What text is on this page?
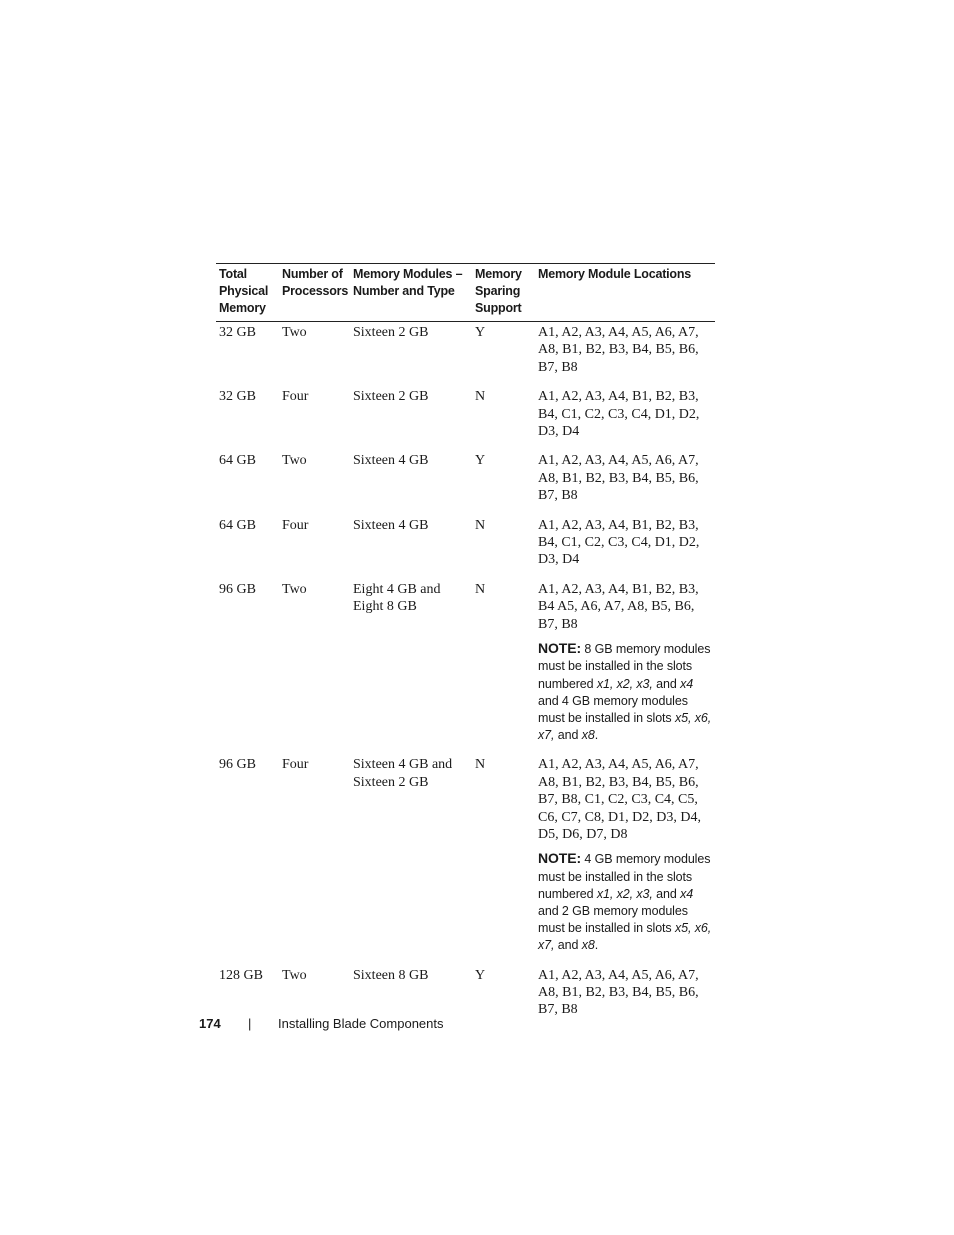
Total Physical Memory	Number of Processors	Memory Modules – Number and Type	Memory Sparing Support	Memory Module Locations

32 GB	Two	Sixteen 2 GB	Y	A1, A2, A3, A4, A5, A6, A7, A8, B1, B2, B3, B4, B5, B6, B7, B8

32 GB	Four	Sixteen 2 GB	N	A1, A2, A3, A4, B1, B2, B3, B4, C1, C2, C3, C4, D1, D2, D3, D4

64 GB	Two	Sixteen 4 GB	Y	A1, A2, A3, A4, A5, A6, A7, A8, B1, B2, B3, B4, B5, B6, B7, B8

64 GB	Four	Sixteen 4 GB	N	A1, A2, A3, A4, B1, B2, B3, B4, C1, C2, C3, C4, D1, D2, D3, D4

96 GB	Two	Eight 4 GB and Eight 8 GB	N	A1, A2, A3, A4, B1, B2, B3, B4 A5, A6, A7, A8, B5, B6, B7, B8
NOTE: 8 GB memory modules must be installed in the slots numbered x1, x2, x3, and x4 and 4 GB memory modules must be installed in slots x5, x6, x7, and x8.

96 GB	Four	Sixteen 4 GB and Sixteen 2 GB	N	A1, A2, A3, A4, A5, A6, A7, A8, B1, B2, B3, B4, B5, B6, B7, B8, C1, C2, C3, C4, C5, C6, C7, C8, D1, D2, D3, D4, D5, D6, D7, D8
NOTE: 4 GB memory modules must be installed in the slots numbered x1, x2, x3, and x4 and 2 GB memory modules must be installed in slots x5, x6, x7, and x8.

128 GB	Two	Sixteen 8 GB	Y	A1, A2, A3, A4, A5, A6, A7, A8, B1, B2, B3, B4, B5, B6, B7, B8
174 | Installing Blade Components
